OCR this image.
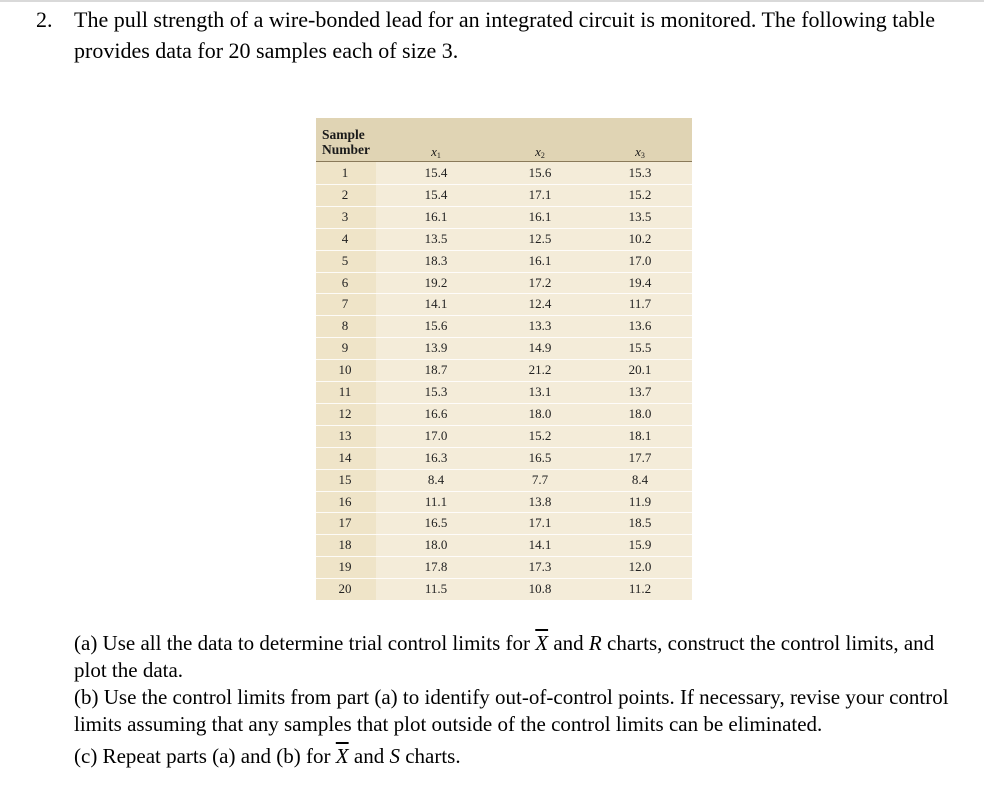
2. The pull strength of a wire-bonded lead for an integrated circuit is monitored. The following table provides data for 20 samples each of size 3.
Sample
Number	$x_1$	$x_2$	$x_3$
1	15.4	15.6	15.3
2	15.4	17.1	15.2
3	16.1	16.1	13.5
4	13.5	12.5	10.2
5	18.3	16.1	17.0
6	19.2	17.2	19.4
7	14.1	12.4	11.7
8	15.6	13.3	13.6
9	13.9	14.9	15.5
10	18.7	21.2	20.1
11	15.3	13.1	13.7
12	16.6	18.0	18.0
13	17.0	15.2	18.1
14	16.3	16.5	17.7
15	8.4	7.7	8.4
16	11.1	13.8	11.9
17	16.5	17.1	18.5
18	18.0	14.1	15.9
19	17.8	17.3	12.0
20	11.5	10.8	11.2

(a) Use all the data to determine trial control limits for $\overline{X}$ and R charts, construct the control limits, and plot the data.

(b) Use the control limits from part (a) to identify out-of-control points. If necessary, revise your control limits assuming that any samples that plot outside of the control limits can be eliminated.

(c) Repeat parts (a) and (b) for $\overline{X}$ and S charts.
